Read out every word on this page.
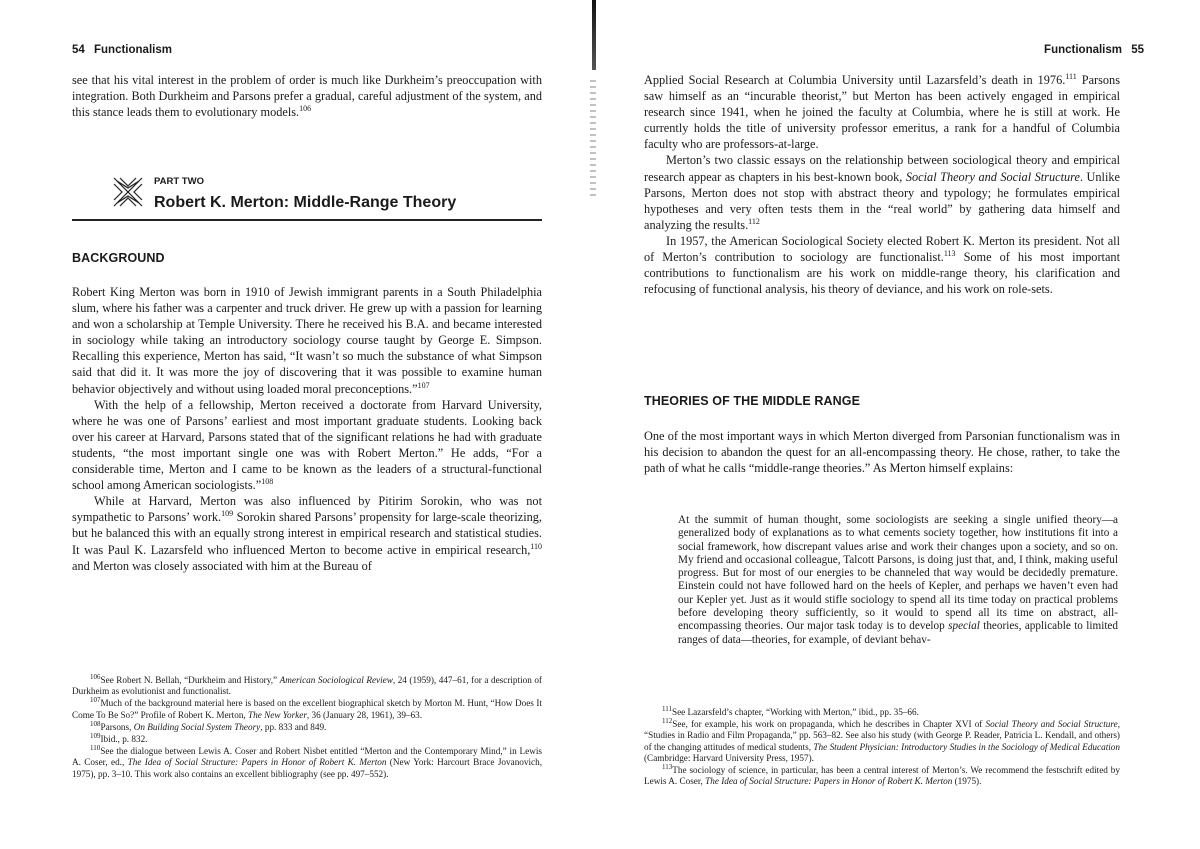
54 Functionalism

see that his vital interest in the problem of order is much like Durkheim’s preoccupation with integration. Both Durkheim and Parsons prefer a gradual, careful adjustment of the system, and this stance leads them to evolutionary models.$^{106}$

PART TWO
Robert K. Merton: Middle-Range Theory
BACKGROUND

Robert King Merton was born in 1910 of Jewish immigrant parents in a South Philadelphia slum, where his father was a carpenter and truck driver. He grew up with a passion for learning and won a scholarship at Temple University. There he received his B.A. and became interested in sociology while taking an introductory sociology course taught by George E. Simpson. Recalling this experience, Merton has said, “It wasn’t so much the substance of what Simpson said that did it. It was more the joy of discovering that it was possible to examine human behavior objectively and without using loaded moral preconceptions.”$^{107}$

With the help of a fellowship, Merton received a doctorate from Harvard University, where he was one of Parsons’ earliest and most important graduate students. Looking back over his career at Harvard, Parsons stated that of the significant relations he had with graduate students, “the most important single one was with Robert Merton.” He adds, “For a considerable time, Merton and I came to be known as the leaders of a structural-functional school among American sociologists.”$^{108}$

While at Harvard, Merton was also influenced by Pitirim Sorokin, who was not sympathetic to Parsons’ work.$^{109}$ Sorokin shared Parsons’ propensity for large-scale theorizing, but he balanced this with an equally strong interest in empirical research and statistical studies. It was Paul K. Lazarsfeld who influenced Merton to become active in empirical research,$^{110}$ and Merton was closely associated with him at the Bureau of

$^{106}$See Robert N. Bellah, “Durkheim and History,” American Sociological Review, 24 (1959), 447–61, for a description of Durkheim as evolutionist and functionalist.

$^{107}$Much of the background material here is based on the excellent biographical sketch by Morton M. Hunt, “How Does It Come To Be So?” Profile of Robert K. Merton, The New Yorker, 36 (January 28, 1961), 39–63.

$^{108}$Parsons, On Building Social System Theory, pp. 833 and 849.

$^{109}$Ibid., p. 832.

$^{110}$See the dialogue between Lewis A. Coser and Robert Nisbet entitled “Merton and the Contemporary Mind,” in Lewis A. Coser, ed., The Idea of Social Structure: Papers in Honor of Robert K. Merton (New York: Harcourt Brace Jovanovich, 1975), pp. 3–10. This work also contains an excellent bibliography (see pp. 497–552).

Functionalism 55

Applied Social Research at Columbia University until Lazarsfeld’s death in 1976.$^{111}$ Parsons saw himself as an “incurable theorist,” but Merton has been actively engaged in empirical research since 1941, when he joined the faculty at Columbia, where he is still at work. He currently holds the title of university professor emeritus, a rank for a handful of Columbia faculty who are professors-at-large.

Merton’s two classic essays on the relationship between sociological theory and empirical research appear as chapters in his best-known book, Social Theory and Social Structure. Unlike Parsons, Merton does not stop with abstract theory and typology; he formulates empirical hypotheses and very often tests them in the “real world” by gathering data himself and analyzing the results.$^{112}$

In 1957, the American Sociological Society elected Robert K. Merton its president. Not all of Merton’s contribution to sociology are functionalist.$^{113}$ Some of his most important contributions to functionalism are his work on middle-range theory, his clarification and refocusing of functional analysis, his theory of deviance, and his work on role-sets.

THEORIES OF THE MIDDLE RANGE

One of the most important ways in which Merton diverged from Parsonian functionalism was in his decision to abandon the quest for an all-encompassing theory. He chose, rather, to take the path of what he calls “middle-range theories.” As Merton himself explains:

At the summit of human thought, some sociologists are seeking a single unified theory—a generalized body of explanations as to what cements society together, how institutions fit into a social framework, how discrepant values arise and work their changes upon a society, and so on. My friend and occasional colleague, Talcott Parsons, is doing just that, and, I think, making useful progress. But for most of our energies to be channeled that way would be decidedly premature. Einstein could not have followed hard on the heels of Kepler, and perhaps we haven’t even had our Kepler yet. Just as it would stifle sociology to spend all its time today on practical problems before developing theory sufficiently, so it would to spend all its time on abstract, all-encompassing theories. Our major task today is to develop special theories, applicable to limited ranges of data—theories, for example, of deviant behav-

$^{111}$See Lazarsfeld’s chapter, “Working with Merton,” ibid., pp. 35–66.

$^{112}$See, for example, his work on propaganda, which he describes in Chapter XVI of Social Theory and Social Structure, “Studies in Radio and Film Propaganda,” pp. 563–82. See also his study (with George P. Reader, Patricia L. Kendall, and others) of the changing attitudes of medical students, The Student Physician: Introductory Studies in the Sociology of Medical Education (Cambridge: Harvard University Press, 1957).

$^{113}$The sociology of science, in particular, has been a central interest of Merton’s. We recommend the festschrift edited by Lewis A. Coser, The Idea of Social Structure: Papers in Honor of Robert K. Merton (1975).
